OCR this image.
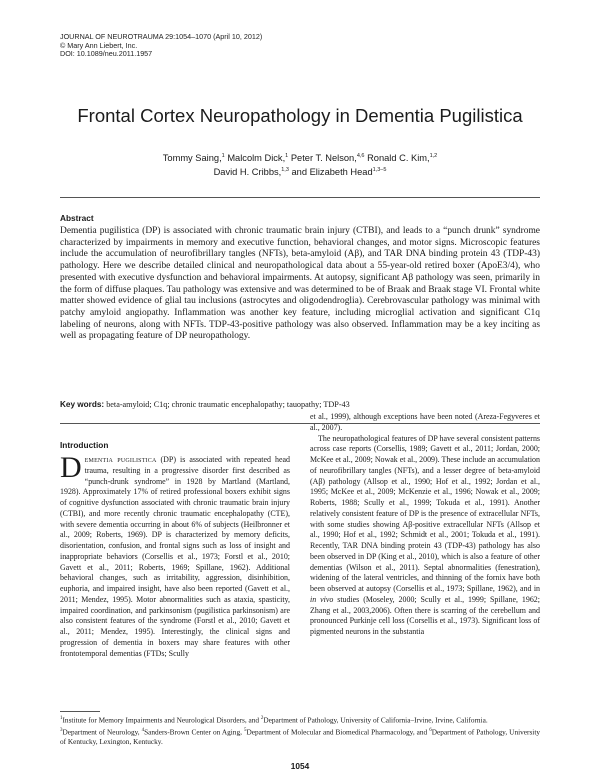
JOURNAL OF NEUROTRAUMA 29:1054–1070 (April 10, 2012)
© Mary Ann Liebert, Inc.
DOI: 10.1089/neu.2011.1957
Frontal Cortex Neuropathology in Dementia Pugilistica
Tommy Saing,$^1$ Malcolm Dick,$^1$ Peter T. Nelson,$^{4,6}$ Ronald C. Kim,$^{1,2}$
David H. Cribbs,$^{1,3}$ and Elizabeth Head$^{1,3-5}$
Abstract

Dementia pugilistica (DP) is associated with chronic traumatic brain injury (CTBI), and leads to a “punch drunk” syndrome characterized by impairments in memory and executive function, behavioral changes, and motor signs. Microscopic features include the accumulation of neurofibrillary tangles (NFTs), beta-amyloid (Aβ), and TAR DNA binding protein 43 (TDP-43) pathology. Here we describe detailed clinical and neuropathological data about a 55-year-old retired boxer (ApoE3/4), who presented with executive dysfunction and behavioral impairments. At autopsy, significant Aβ pathology was seen, primarily in the form of diffuse plaques. Tau pathology was extensive and was determined to be of Braak and Braak stage VI. Frontal white matter showed evidence of glial tau inclusions (astrocytes and oligodendroglia). Cerebrovascular pathology was minimal with patchy amyloid angiopathy. Inflammation was another key feature, including microglial activation and significant C1q labeling of neurons, along with NFTs. TDP-43-positive pathology was also observed. Inflammation may be a key inciting as well as propagating feature of DP neuropathology.

Key words: beta-amyloid; C1q; chronic traumatic encephalopathy; tauopathy; TDP-43

Introduction

Dementia pugilistica (DP) is associated with repeated head trauma, resulting in a progressive disorder first described as “punch-drunk syndrome” in 1928 by Martland (Martland, 1928). Approximately 17% of retired professional boxers exhibit signs of cognitive dysfunction associated with chronic traumatic brain injury (CTBI), and more recently chronic traumatic encephalopathy (CTE), with severe dementia occurring in about 6% of subjects (Heilbronner et al., 2009; Roberts, 1969). DP is characterized by memory deficits, disorientation, confusion, and frontal signs such as loss of insight and inappropriate behaviors (Corsellis et al., 1973; Forstl et al., 2010; Gavett et al., 2011; Roberts, 1969; Spillane, 1962). Additional behavioral changes, such as irritability, aggression, disinhibition, euphoria, and impaired insight, have also been reported (Gavett et al., 2011; Mendez, 1995). Motor abnormalities such as ataxia, spasticity, impaired coordination, and parkinsonism (pugilistica parkinsonism) are also consistent features of the syndrome (Forstl et al., 2010; Gavett et al., 2011; Mendez, 1995). Interestingly, the clinical signs and progression of dementia in boxers may share features with other frontotemporal dementias (FTDs; Scully

et al., 1999), although exceptions have been noted (Areza-Fegyveres et al., 2007).

The neuropathological features of DP have several consistent patterns across case reports (Corsellis, 1989; Gavett et al., 2011; Jordan, 2000; McKee et al., 2009; Nowak et al., 2009). These include an accumulation of neurofibrillary tangles (NFTs), and a lesser degree of beta-amyloid (Aβ) pathology (Allsop et al., 1990; Hof et al., 1992; Jordan et al., 1995; McKee et al., 2009; McKenzie et al., 1996; Nowak et al., 2009; Roberts, 1988; Scully et al., 1999; Tokuda et al., 1991). Another relatively consistent feature of DP is the presence of extracellular NFTs, with some studies showing Aβ-positive extracellular NFTs (Allsop et al., 1990; Hof et al., 1992; Schmidt et al., 2001; Tokuda et al., 1991). Recently, TAR DNA binding protein 43 (TDP-43) pathology has also been observed in DP (King et al., 2010), which is also a feature of other dementias (Wilson et al., 2011). Septal abnormalities (fenestration), widening of the lateral ventricles, and thinning of the fornix have both been observed at autopsy (Corsellis et al., 1973; Spillane, 1962), and in in vivo studies (Moseley, 2000; Scully et al., 1999; Spillane, 1962; Zhang et al., 2003,2006). Often there is scarring of the cerebellum and pronounced Purkinje cell loss (Corsellis et al., 1973). Significant loss of pigmented neurons in the substantia

$^1$Institute for Memory Impairments and Neurological Disorders, and $^2$Department of Pathology, University of California–Irvine, Irvine, California.

$^3$Department of Neurology, $^4$Sanders-Brown Center on Aging, $^5$Department of Molecular and Biomedical Pharmacology, and $^6$Department of Pathology, University of Kentucky, Lexington, Kentucky.

1054
